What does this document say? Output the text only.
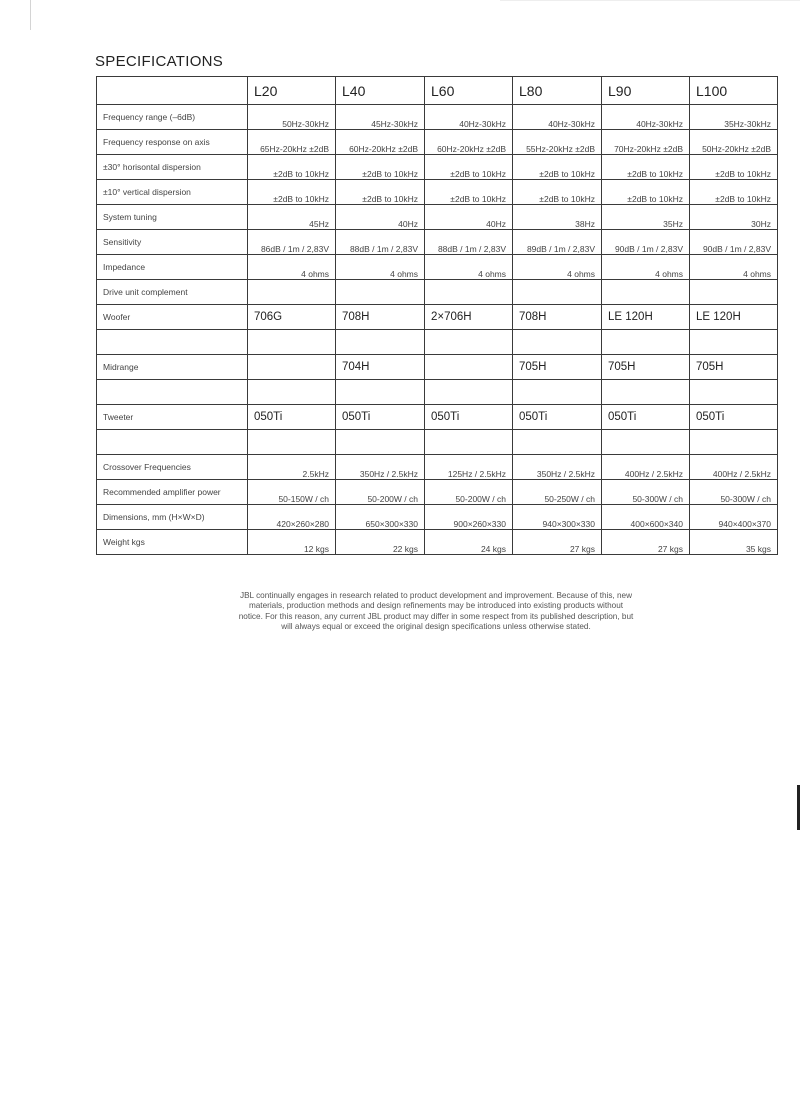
SPECIFICATIONS
	L20	L40	L60	L80	L90	L100
Frequency range (–6dB)	50Hz-30kHz	45Hz-30kHz	40Hz-30kHz	40Hz-30kHz	40Hz-30kHz	35Hz-30kHz
Frequency response on axis	65Hz-20kHz ±2dB	60Hz-20kHz ±2dB	60Hz-20kHz ±2dB	55Hz-20kHz ±2dB	70Hz-20kHz ±2dB	50Hz-20kHz ±2dB
±30° horisontal dispersion	±2dB to 10kHz	±2dB to 10kHz	±2dB to 10kHz	±2dB to 10kHz	±2dB to 10kHz	±2dB to 10kHz
±10° vertical dispersion	±2dB to 10kHz	±2dB to 10kHz	±2dB to 10kHz	±2dB to 10kHz	±2dB to 10kHz	±2dB to 10kHz
System tuning	45Hz	40Hz	40Hz	38Hz	35Hz	30Hz
Sensitivity	86dB / 1m / 2,83V	88dB / 1m / 2,83V	88dB / 1m / 2,83V	89dB / 1m / 2,83V	90dB / 1m / 2,83V	90dB / 1m / 2,83V
Impedance	4 ohms	4 ohms	4 ohms	4 ohms	4 ohms	4 ohms
Drive unit complement						
Woofer	706G	708H	2×706H	708H	LE 120H	LE 120H

Midrange		704H		705H	705H	705H

Tweeter	050Ti	050Ti	050Ti	050Ti	050Ti	050Ti

Crossover Frequencies	2.5kHz	350Hz / 2.5kHz	125Hz / 2.5kHz	350Hz / 2.5kHz	400Hz / 2.5kHz	400Hz / 2.5kHz
Recommended amplifier power	50-150W / ch	50-200W / ch	50-200W / ch	50-250W / ch	50-300W / ch	50-300W / ch
Dimensions, mm (H×W×D)	420×260×280	650×300×330	900×260×330	940×300×330	400×600×340	940×400×370
Weight kgs	12 kgs	22 kgs	24 kgs	27 kgs	27 kgs	35 kgs
JBL continually engages in research related to product development and improvement. Because of this, new materials, production methods and design refinements may be introduced into existing products without notice. For this reason, any current JBL product may differ in some respect from its published description, but will always equal or exceed the original design specifications unless otherwise stated.
